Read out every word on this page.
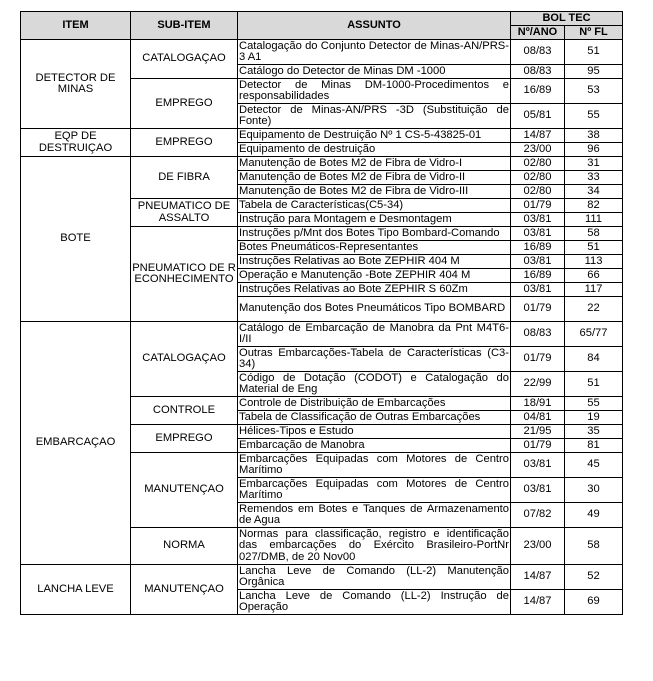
ITEM	SUB-ITEM	ASSUNTO	BOL TEC	
			Nº/ANO	Nº FL
DETECTOR DE MINAS	CATALOGAÇAO	Catalogação do Conjunto Detector de Minas-AN/PRS-3 A1	08/83	51
		Catálogo do Detector de Minas DM -1000	08/83	95
	EMPREGO	Detector de Minas DM-1000-Procedimentos e responsabilidades	16/89	53
		Detector de Minas-AN/PRS -3D (Substituição de Fonte)	05/81	55
EQP DE DESTRUIÇAO	EMPREGO	Equipamento de Destruição Nº 1 CS-5-43825-01	14/87	38
		Equipamento de destruição	23/00	96
BOTE	DE FIBRA	Manutenção de Botes M2 de Fibra de Vidro-I	02/80	31
		Manutenção de Botes M2 de Fibra de Vidro-II	02/80	33
		Manutenção de Botes M2 de Fibra de Vidro-III	02/80	34
	PNEUMATICO DE ASSALTO	Tabela de Características(C5-34)	01/79	82
		Instrução para Montagem e Desmontagem	03/81	111
	PNEUMATICO DE RECONHECIMENTO	Instruções p/Mnt dos Botes Tipo Bombard-Comando	03/81	58
		Botes Pneumáticos-Representantes	16/89	51
		Instruções Relativas ao Bote ZEPHIR 404 M	03/81	113
		Operação e Manutenção -Bote ZEPHIR 404 M	16/89	66
		Instruções Relativas ao Bote ZEPHIR S 60Zm	03/81	117
		Manutenção dos Botes Pneumáticos Tipo BOMBARD	01/79	22
EMBARCAÇAO	CATALOGAÇAO	Catálogo de Embarcação de Manobra da Pnt M4T6-I/II	08/83	65/77
		Outras Embarcações-Tabela de Características (C3-34)	01/79	84
		Código de Dotação (CODOT) e Catalogação do Material de Eng	22/99	51
	CONTROLE	Controle de Distribuição de Embarcações	18/91	55
		Tabela de Classificação de Outras Embarcações	04/81	19
	EMPREGO	Hélices-Tipos e Estudo	21/95	35
		Embarcação de Manobra	01/79	81
	MANUTENÇAO	Embarcações Equipadas com Motores de Centro Marítimo	03/81	45
		Embarcações Equipadas com Motores de Centro Marítimo	03/81	30
		Remendos em Botes e Tanques de Armazenamento de Agua	07/82	49
	NORMA	Normas para classificação, registro e identificação das embarcações do Exército Brasileiro-PortNr 027/DMB, de 20 Nov00	23/00	58
LANCHA LEVE	MANUTENÇAO	Lancha Leve de Comando (LL-2) Manutenção Orgânica	14/87	52
		Lancha Leve de Comando (LL-2) Instrução de Operação	14/87	69
